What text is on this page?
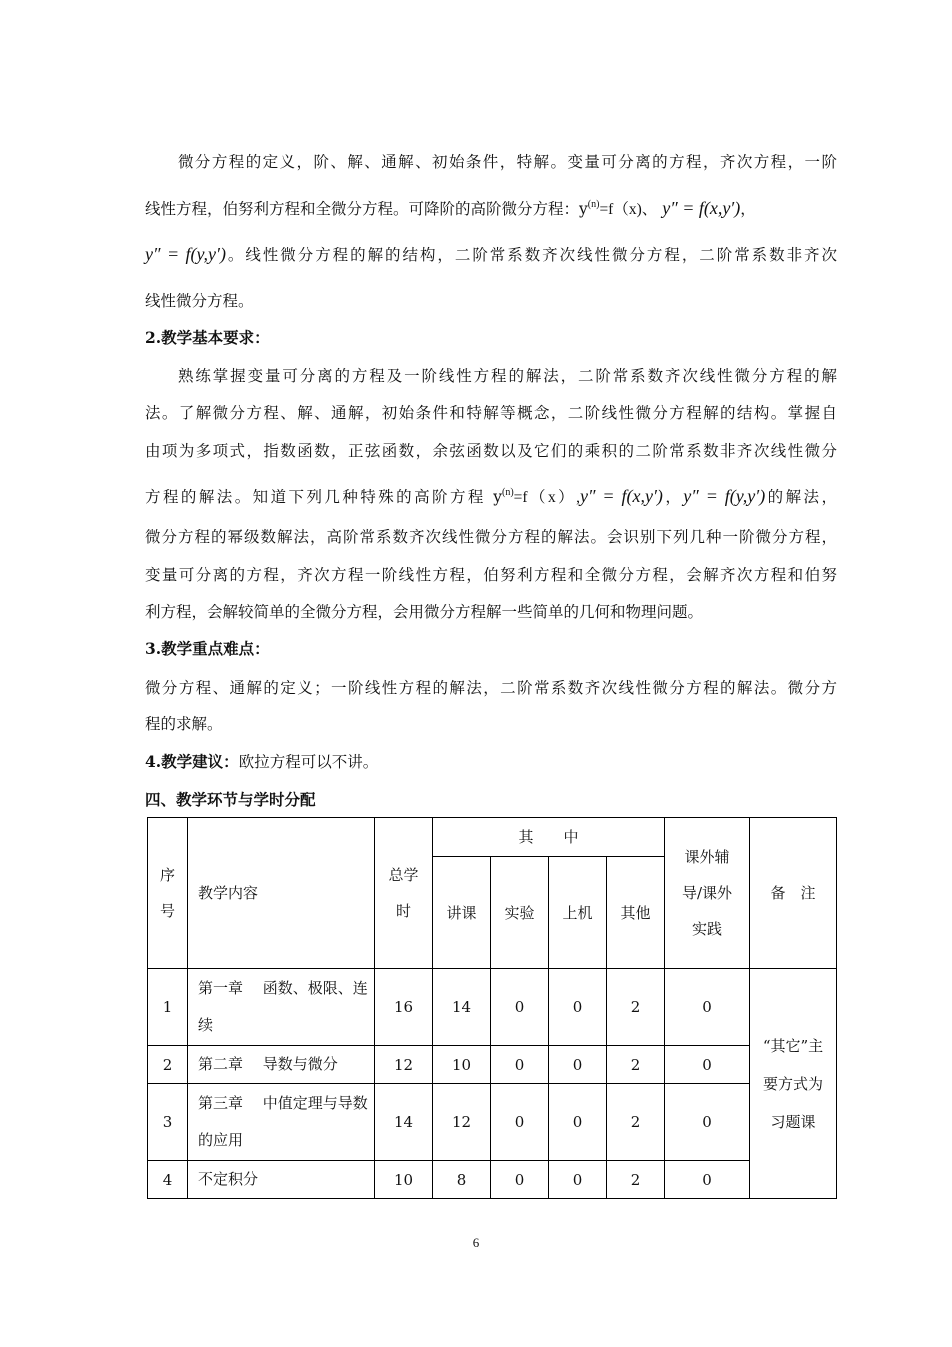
微分方程的定义，阶、解、通解、初始条件，特解。变量可分离的方程，齐次方程，一阶
线性方程，伯努利方程和全微分方程。可降阶的高阶微分方程：$y^{(n)}=f(x)$、 y″ = f(x,y′)，
y″ = f(y,y′)。线性微分方程的解的结构，二阶常系数齐次线性微分方程，二阶常系数非齐次
线性微分方程。
2.教学基本要求：
熟练掌握变量可分离的方程及一阶线性方程的解法，二阶常系数齐次线性微分方程的解
法。了解微分方程、解、通解，初始条件和特解等概念，二阶线性微分方程解的结构。掌握自
由项为多项式，指数函数，正弦函数，余弦函数以及它们的乘积的二阶常系数非齐次线性微分
方程的解法。知道下列几种特殊的高阶方程 $y^{(n)}=f(x),y'' = f(x,y')$，y″ = f(y,y′)的解法，
微分方程的幂级数解法，高阶常系数齐次线性微分方程的解法。会识别下列几种一阶微分方程，
变量可分离的方程，齐次方程一阶线性方程，伯努利方程和全微分方程，会解齐次方程和伯努
利方程，会解较简单的全微分方程，会用微分方程解一些简单的几何和物理问题。
3.教学重点难点：
微分方程、通解的定义；一阶线性方程的解法，二阶常系数齐次线性微分方程的解法。微分方
程的求解。
4.教学建议：欧拉方程可以不讲。
四、教学环节与学时分配
序号	教学内容	总学时	其　　中				课外辅导/课外实践	备　注
			讲课	实验	上机	其他		
1	第一章　 函数、极限、连续	16	14	0	0	2	0	“其它”主要方式为习题课
2	第二章　 导数与微分	12	10	0	0	2	0	
3	第三章　 中值定理与导数的应用	14	12	0	0	2	0	
4	不定积分	10	8	0	0	2	0	
6
